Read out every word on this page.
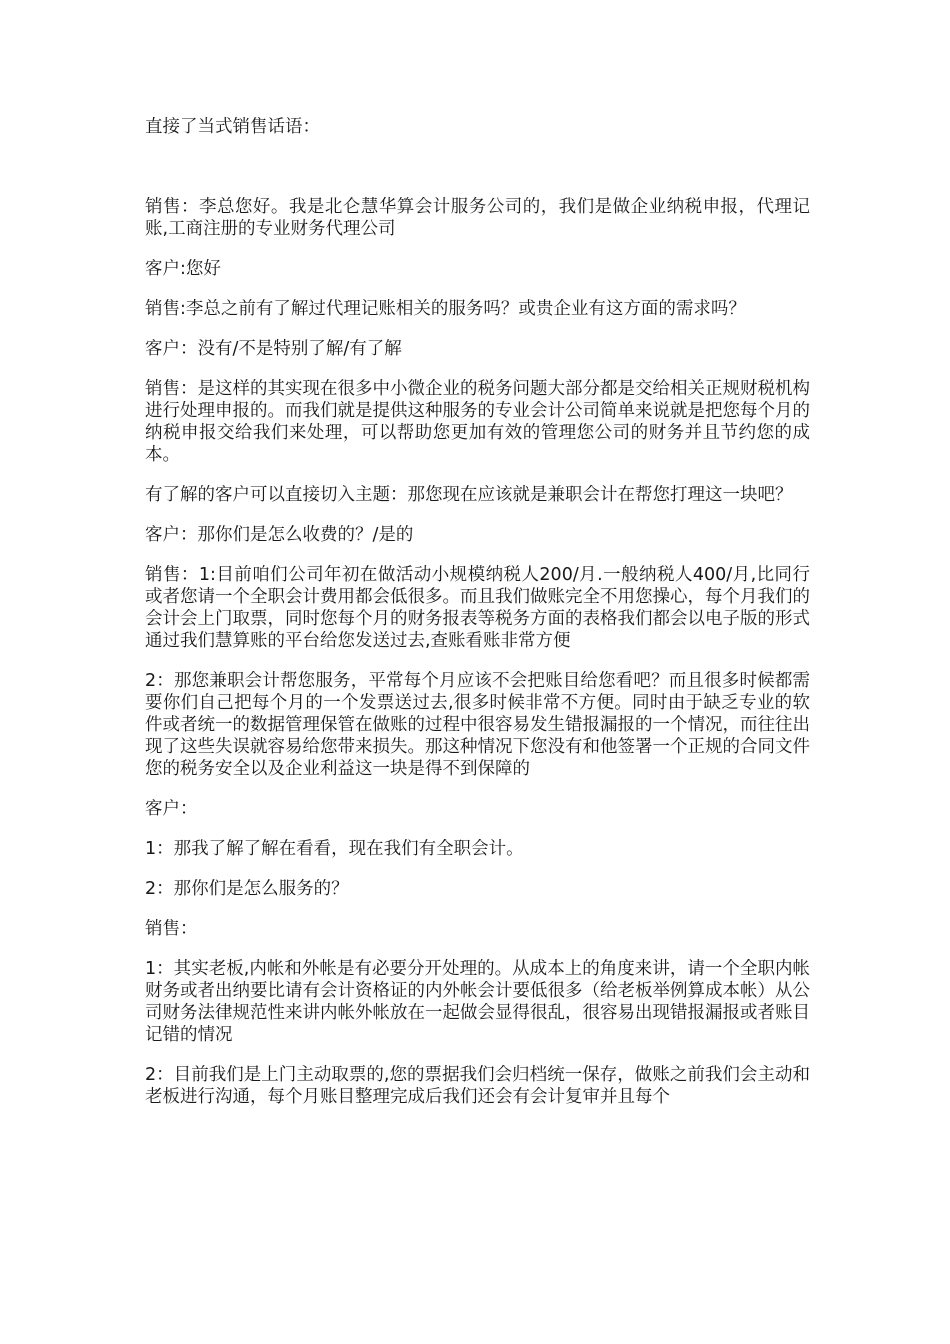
直接了当式销售话语：

销售：李总您好。我是北仑慧华算会计服务公司的，我们是做企业纳税申报，代理记账,工商注册的专业财务代理公司

客户:您好

销售:李总之前有了解过代理记账相关的服务吗？或贵企业有这方面的需求吗？

客户：没有/不是特别了解/有了解

销售：是这样的其实现在很多中小微企业的税务问题大部分都是交给相关正规财税机构进行处理申报的。而我们就是提供这种服务的专业会计公司简单来说就是把您每个月的纳税申报交给我们来处理，可以帮助您更加有效的管理您公司的财务并且节约您的成本。

有了解的客户可以直接切入主题：那您现在应该就是兼职会计在帮您打理这一块吧？

客户：那你们是怎么收费的？/是的

销售：1:目前咱们公司年初在做活动小规模纳税人200/月.一般纳税人400/月,比同行或者您请一个全职会计费用都会低很多。而且我们做账完全不用您操心，每个月我们的会计会上门取票，同时您每个月的财务报表等税务方面的表格我们都会以电子版的形式通过我们慧算账的平台给您发送过去,查账看账非常方便

2：那您兼职会计帮您服务，平常每个月应该不会把账目给您看吧？而且很多时候都需要你们自己把每个月的一个发票送过去,很多时候非常不方便。同时由于缺乏专业的软件或者统一的数据管理保管在做账的过程中很容易发生错报漏报的一个情况，而往往出现了这些失误就容易给您带来损失。那这种情况下您没有和他签署一个正规的合同文件您的税务安全以及企业利益这一块是得不到保障的

客户：

1：那我了解了解在看看，现在我们有全职会计。

2：那你们是怎么服务的？

销售：

1：其实老板,内帐和外帐是有必要分开处理的。从成本上的角度来讲，请一个全职内帐财务或者出纳要比请有会计资格证的内外帐会计要低很多（给老板举例算成本帐）从公司财务法律规范性来讲内帐外帐放在一起做会显得很乱，很容易出现错报漏报或者账目记错的情况

2：目前我们是上门主动取票的,您的票据我们会归档统一保存，做账之前我们会主动和老板进行沟通，每个月账目整理完成后我们还会有会计复审并且每个
